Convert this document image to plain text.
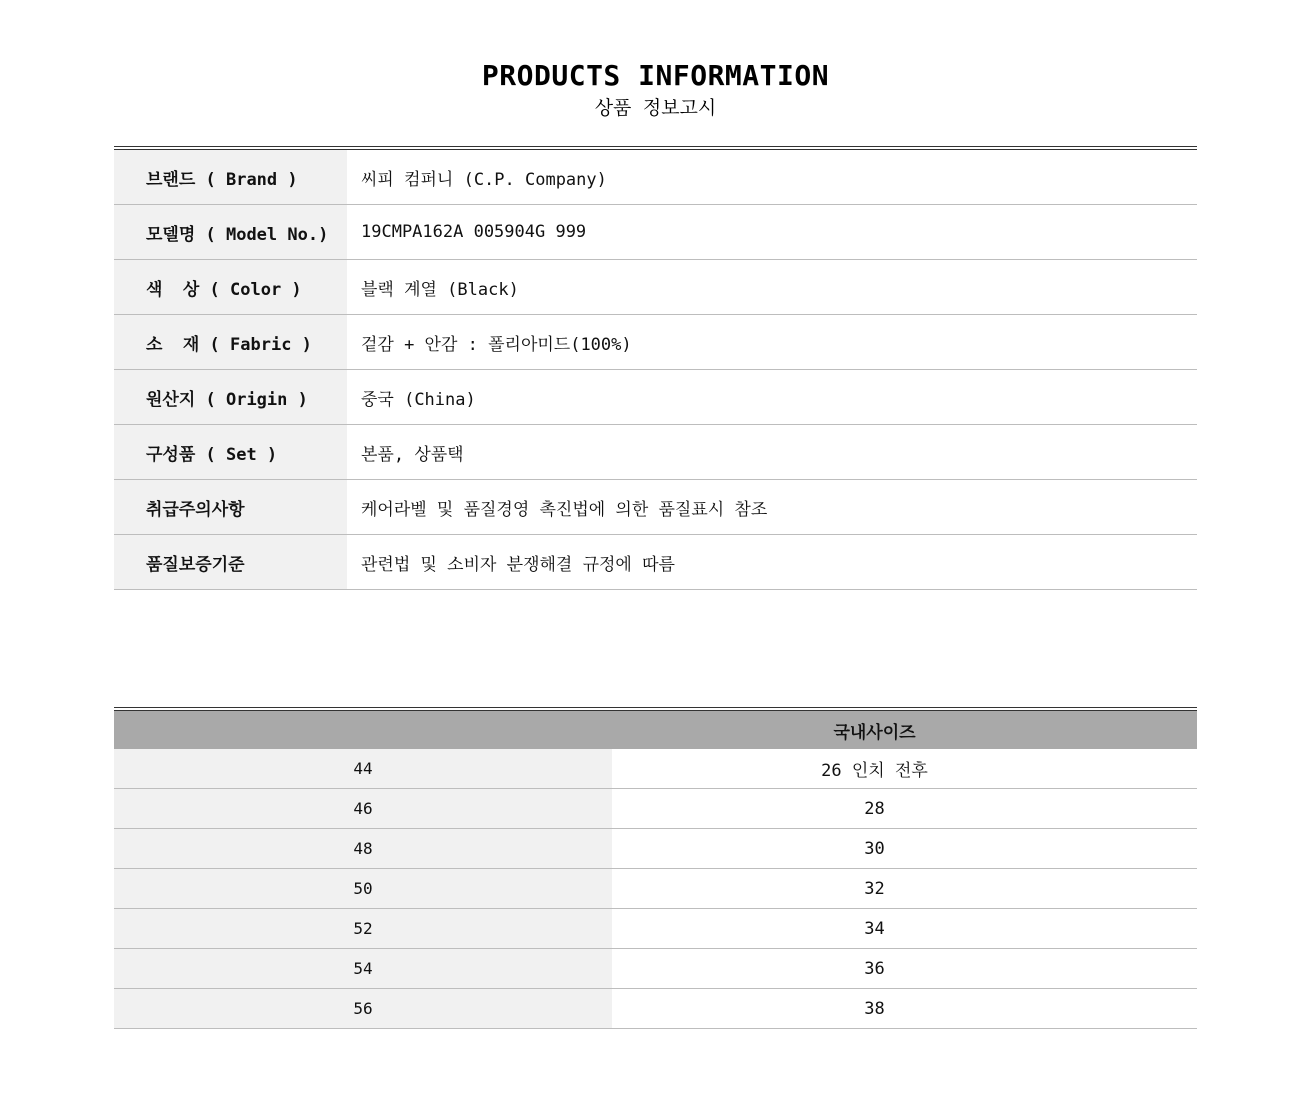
PRODUCTS INFORMATION
상품 정보고시
브랜드 ( Brand )	씨피 컴퍼니 (C.P. Company)
모델명 ( Model No.)	19CMPA162A 005904G 999
색  상 ( Color )	블랙 계열 (Black)
소  재 ( Fabric )	겉감 + 안감 : 폴리아미드(100%)
원산지 ( Origin )	중국 (China)
구성품 ( Set )	본품, 상품택
취급주의사항	케어라벨 및 품질경영 촉진법에 의한 품질표시 참조
품질보증기준	관련법 및 소비자 분쟁해결 규정에 따름
국내사이즈
44	26 인치 전후
46	28
48	30
50	32
52	34
54	36
56	38
